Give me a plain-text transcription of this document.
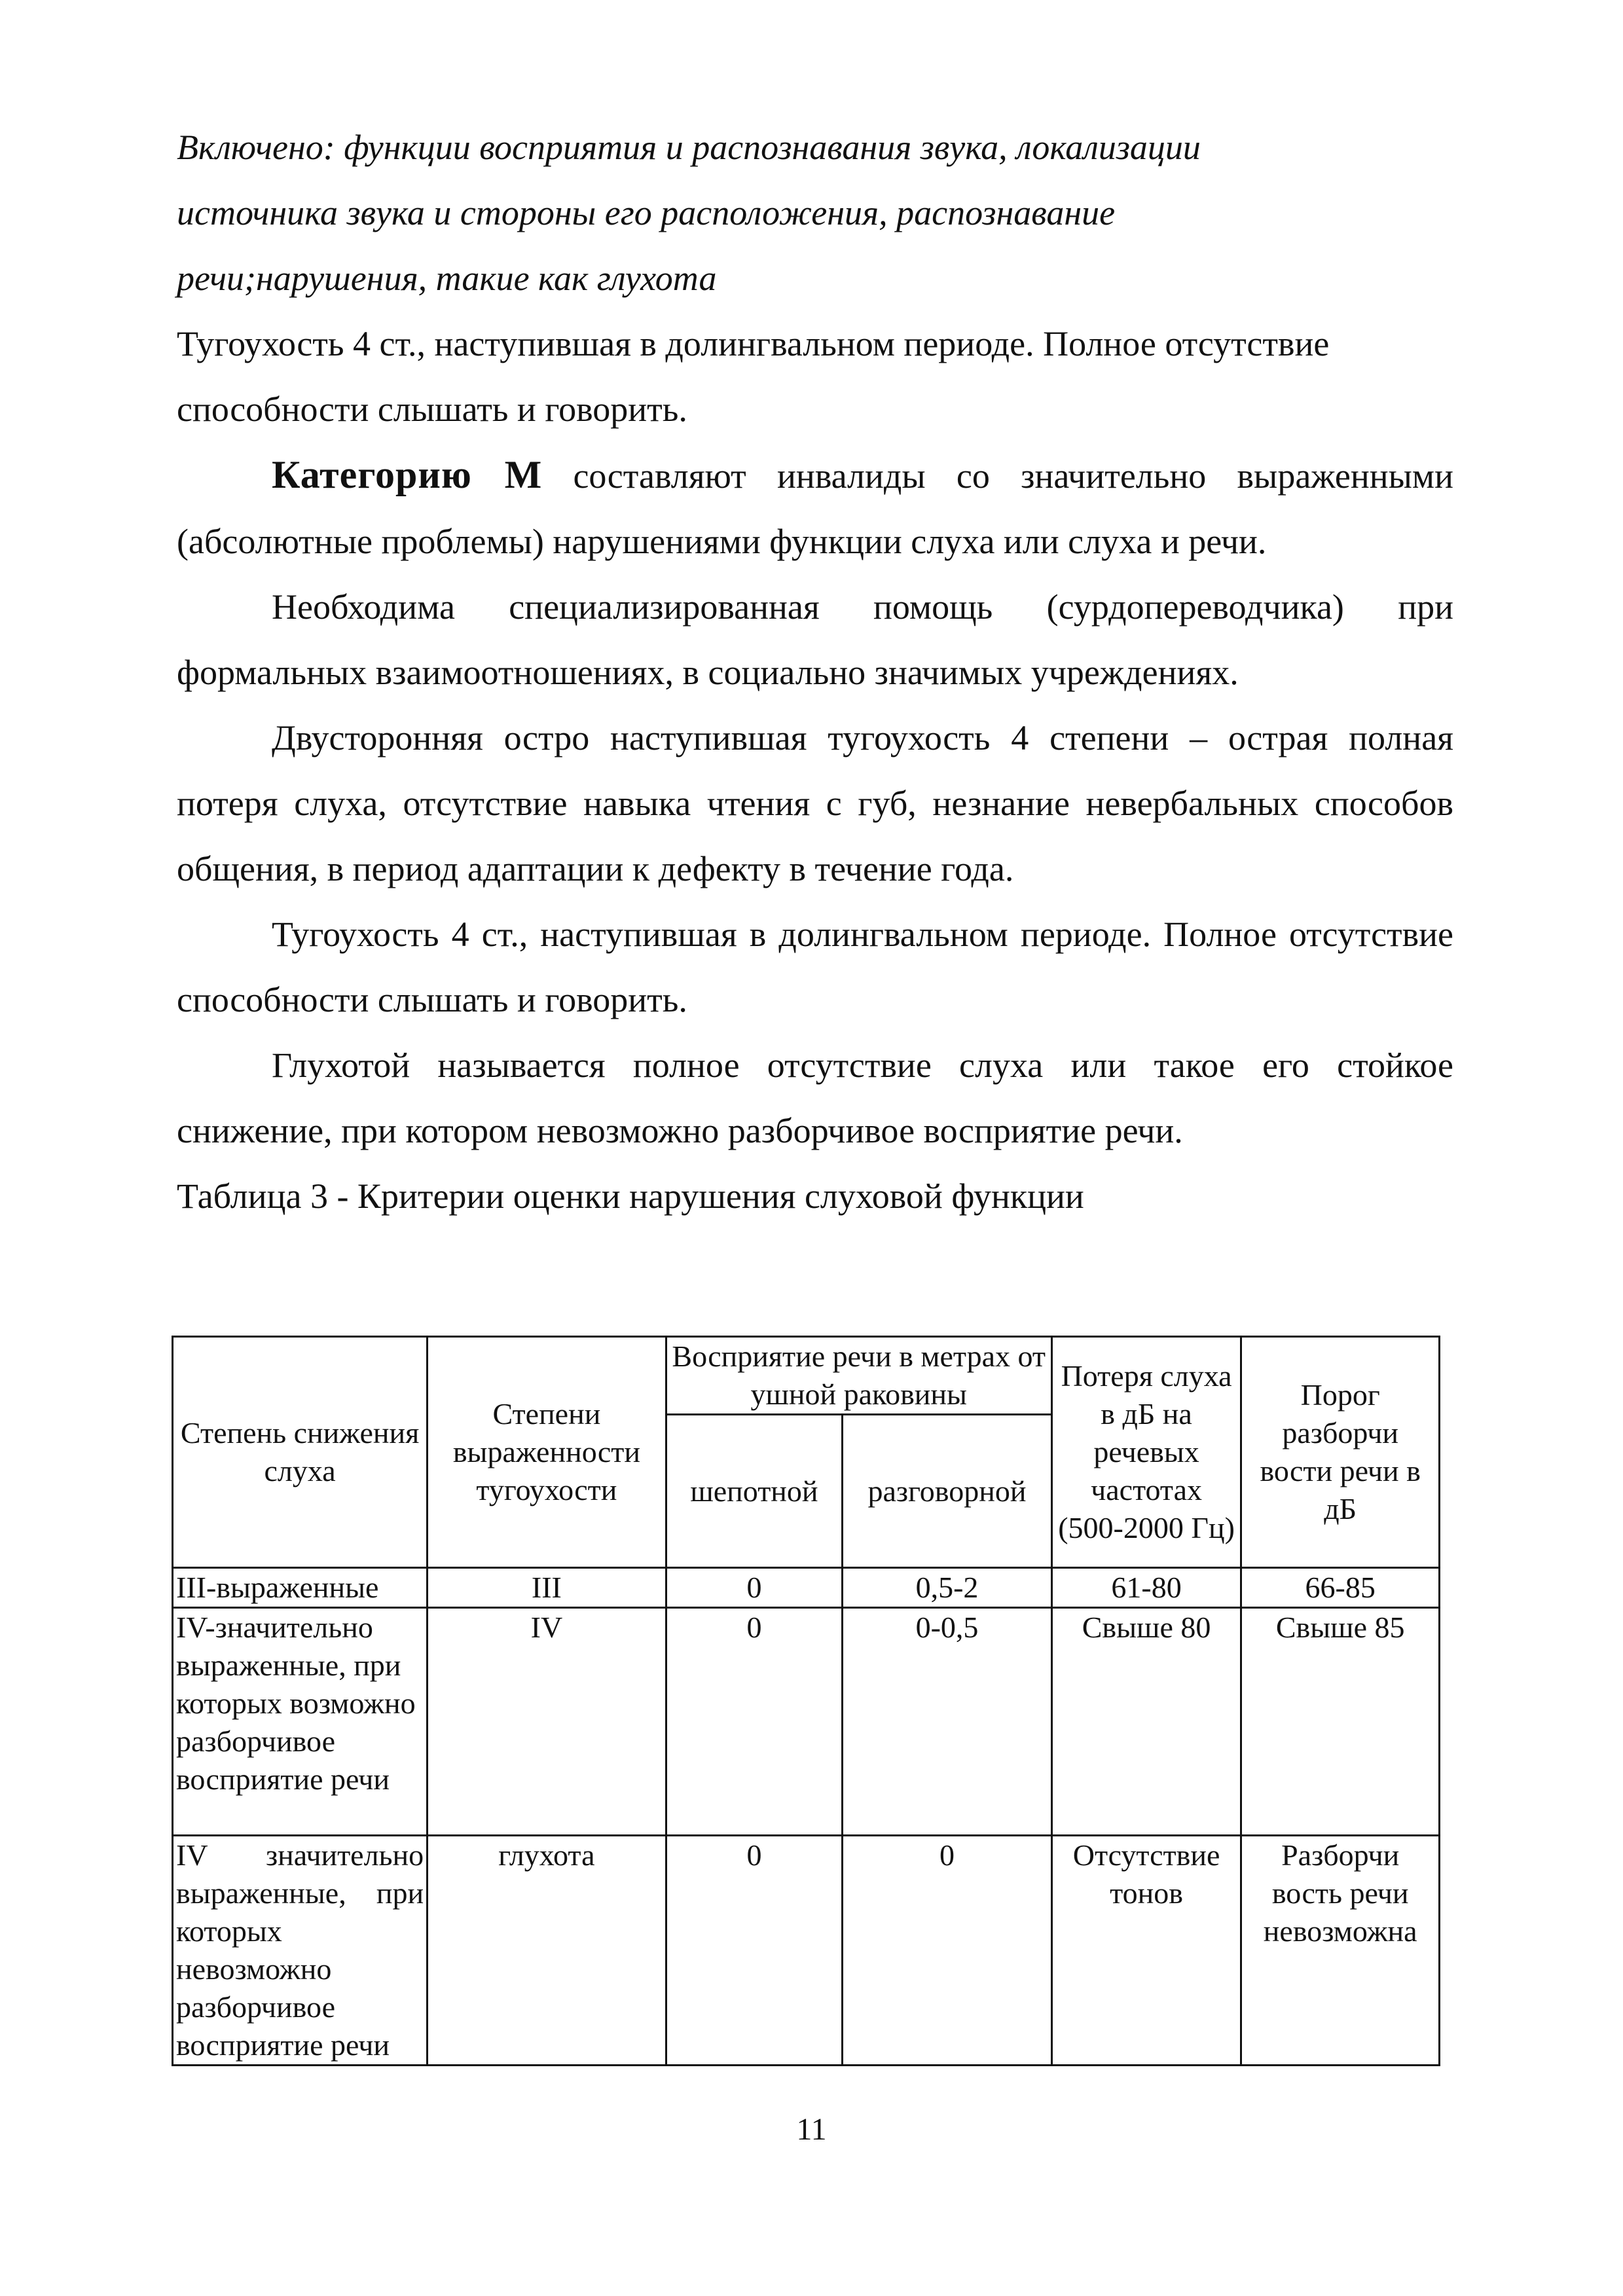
Включено: функции восприятия и распознавания звука, локализации
источника звука и стороны его расположения, распознавание
речи;нарушения, такие как глухота
Тугоухость 4 ст., наступившая в долингвальном периоде. Полное отсутствие
способности слышать и говорить.

Категорию М составляют инвалиды со значительно выраженными (абсолютные проблемы) нарушениями функции слуха или слуха и речи.

Необходима специализированная помощь (сурдопереводчика) при формальных взаимоотношениях, в социально значимых учреждениях.

Двусторонняя остро наступившая тугоухость 4 степени – острая полная потеря слуха, отсутствие навыка чтения с губ, незнание невербальных способов общения, в период адаптации к дефекту в течение года.

Тугоухость 4 ст., наступившая в долингвальном периоде. Полное отсутствие способности слышать и говорить.

Глухотой называется полное отсутствие слуха или такое его стойкое снижение, при котором невозможно разборчивое восприятие речи.

Таблица 3 - Критерии оценки нарушения слуховой функции

Степень снижения слуха	Степени выраженности тугоухости	Восприятие речи в метрах от ушной раковины		Потеря слуха в дБ на речевых частотах (500-2000 Гц)	Порог разборчи вости речи в дБ
		шепотной	разговорной		
III-выраженные	III	0	0,5-2	61-80	66-85
IV-значительно выраженные, при которых возможно разборчивое восприятие речи	IV	0	0-0,5	Свыше 80	Свыше 85
IV значительно выраженные, при которых невозможно разборчивое восприятие речи	глухота	0	0	Отсутствие тонов	Разборчи вость речи невозможна
11
